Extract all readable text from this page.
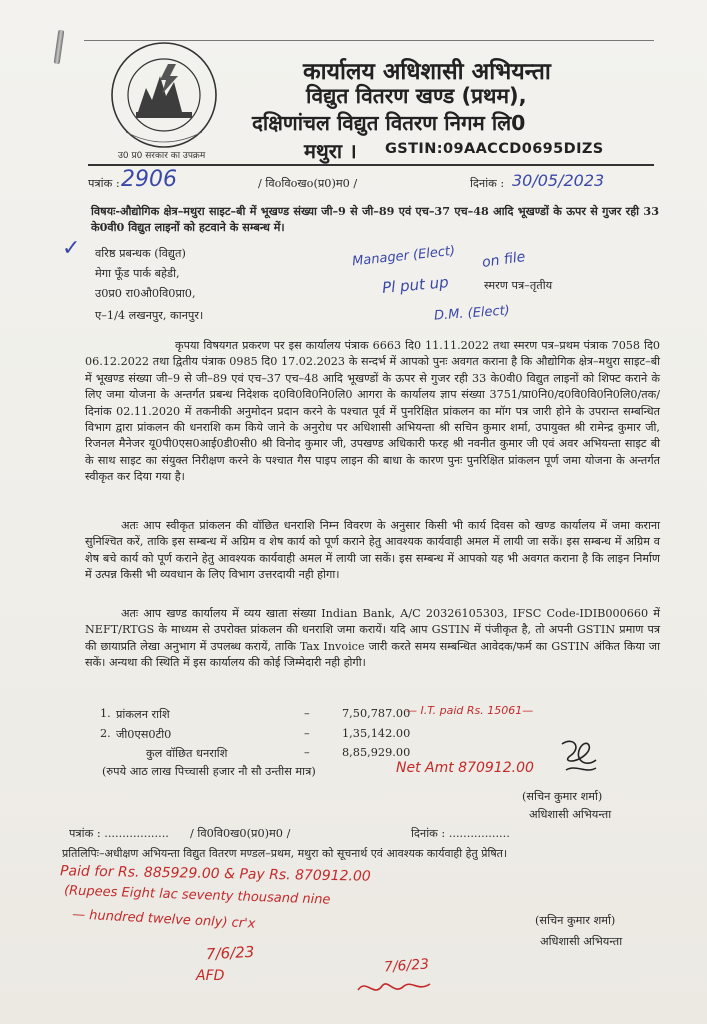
उ0 प्र0 सरकार का उपक्रम
कार्यालय अधिशासी अभियन्ता
विद्युत वितरण खण्ड (प्रथम),
दक्षिणांचल विद्युत वितरण निगम लि0
मथुरा । GSTIN:09AACCD0695DIZS
पत्रांक : 2906	/ विoविoखo(प्र0)म0 /	दिनांक : 30/05/2023
विषयः-औद्योगिक क्षेत्र–मथुरा साइट–बी में भूखण्ड संख्या जी–9 से जी–89 एवं एच–37 एच–48 आदि भूखण्डों के ऊपर से गुजर रही 33 के0वी0 विद्युत लाइनों को हटवाने के सम्बन्ध में।
वरिष्ठ प्रबन्धक (विद्युत)
मेगा फूँड पार्क बहेडी,
उ0प्र0 रा0औ0वि0प्रा0,
ए–1/4 लखनपुर, कानपुर।
✓
स्मरण पत्र–तृतीय
Manager (Elect)
Pl put up
on file
D.M. (Elect)
कृपया विषयगत प्रकरण पर इस कार्यालय पंत्राक 6663 दि0 11.11.2022 तथा स्मरण पत्र–प्रथम पंत्राक 7058 दि0 06.12.2022 तथा द्वितीय पंत्राक 0985 दि0 17.02.2023 के सन्दर्भ में आपको पुनः अवगत कराना है कि औद्योगिक क्षेत्र–मथुरा साइट–बी में भूखण्ड संख्या जी–9 से जी–89 एवं एच–37 एच–48 आदि भूखण्डों के ऊपर से गुजर रही 33 के0वी0 विद्युत लाइनों को शिफ्ट कराने के लिए जमा योजना के अन्तर्गत प्रबन्ध निदेशक द0वि0वि0नि0लि0 आगरा के कार्यालय ज्ञाप संख्या 3751/प्रा0नि0/द0वि0वि0नि0लि0/तक/ दिनांक 02.11.2020 में तकनीकी अनुमोदन प्रदान करने के पश्चात पूर्व में पुनरिक्षित प्रांकलन का मॉग पत्र जारी होने के उपरान्त सम्बन्धित विभाग द्वारा प्रांकलन की धनराशि कम किये जाने के अनुरोध पर अधिशासी अभियन्ता श्री सचिन कुमार शर्मा, उपायुक्त श्री रामेन्द्र कुमार जी, रिजनल मैनेजर यू0पी0एस0आई0डी0सी0 श्री विनोद कुमार जी, उपखण्ड अधिकारी फरह श्री नवनीत कुमार जी एवं अवर अभियन्ता साइट बी के साथ साइट का संयुक्त निरीक्षण करने के पश्चात गैस पाइप लाइन की बाधा के कारण पुनः पुनरिक्षित प्रांकलन पूर्ण जमा योजना के अन्तर्गत स्वीकृत कर दिया गया है।
अतः आप स्वीकृत प्रांकलन की वॉछित धनराशि निम्न विवरण के अनुसार किसी भी कार्य दिवस को खण्ड कार्यालय में जमा कराना सुनिश्चित करें, ताकि इस सम्बन्ध में अग्रिम व शेष कार्य को पूर्ण कराने हेतु आवश्यक कार्यवाही अमल में लायी जा सकें। इस सम्बन्ध में अग्रिम व शेष बचे कार्य को पूर्ण कराने हेतु आवश्यक कार्यवाही अमल में लायी जा सकें। इस सम्बन्ध में आपको यह भी अवगत कराना है कि लाइन निर्माण में उत्पन्न किसी भी व्यवधान के लिए विभाग उत्तरदायी नही होगा।
अतः आप खण्ड कार्यालय में व्यय खाता संख्या Indian Bank, A/C 20326105303, IFSC Code-IDIB000660 में NEFT/RTGS के माध्यम से उपरोक्त प्रांकलन की धनराशि जमा करायें। यदि आप GSTIN में पंजीकृत है, तो अपनी GSTIN प्रमाण पत्र की छायाप्रति लेखा अनुभाग में उपलब्ध करायें, ताकि Tax Invoice जारी करते समय सम्बन्धित आवेदक/फर्म का GSTIN अंकित किया जा सकें। अन्यथा की स्थिति में इस कार्यालय की कोई जिम्मेदारी नही होगी।
1. प्रांकलन राशि	–	7,50,787.00
— I.T. paid Rs. 15061—
2. जी0एस0टी0	–	1,35,142.00
कुल वॉछित धनराशि	–	8,85,929.00
(रुपये आठ लाख पिच्चासी हजार नौ सौ उन्तीस मात्र)	Net Amt 870912.00
(सचिन कुमार शर्मा)
अधिशासी अभियन्ता
पत्रांक : .................. / वि0वि0ख0(प्र0)म0 /	दिनांक : .................
प्रतिलिपिः–अधीक्षण अभियन्ता विद्युत वितरण मण्डल–प्रथम, मथुरा को सूचनार्थ एवं आवश्यक कार्यवाही हेतु प्रेषित।
Paid for Rs. 885929.00 & Pay Rs. 870912.00
(Rupees Eight lac seventy thousand nine
— hundred twelve only) cr'x	(सचिन कुमार शर्मा)
अधिशासी अभियन्ता
7/6/23
AFD
7/6/23
